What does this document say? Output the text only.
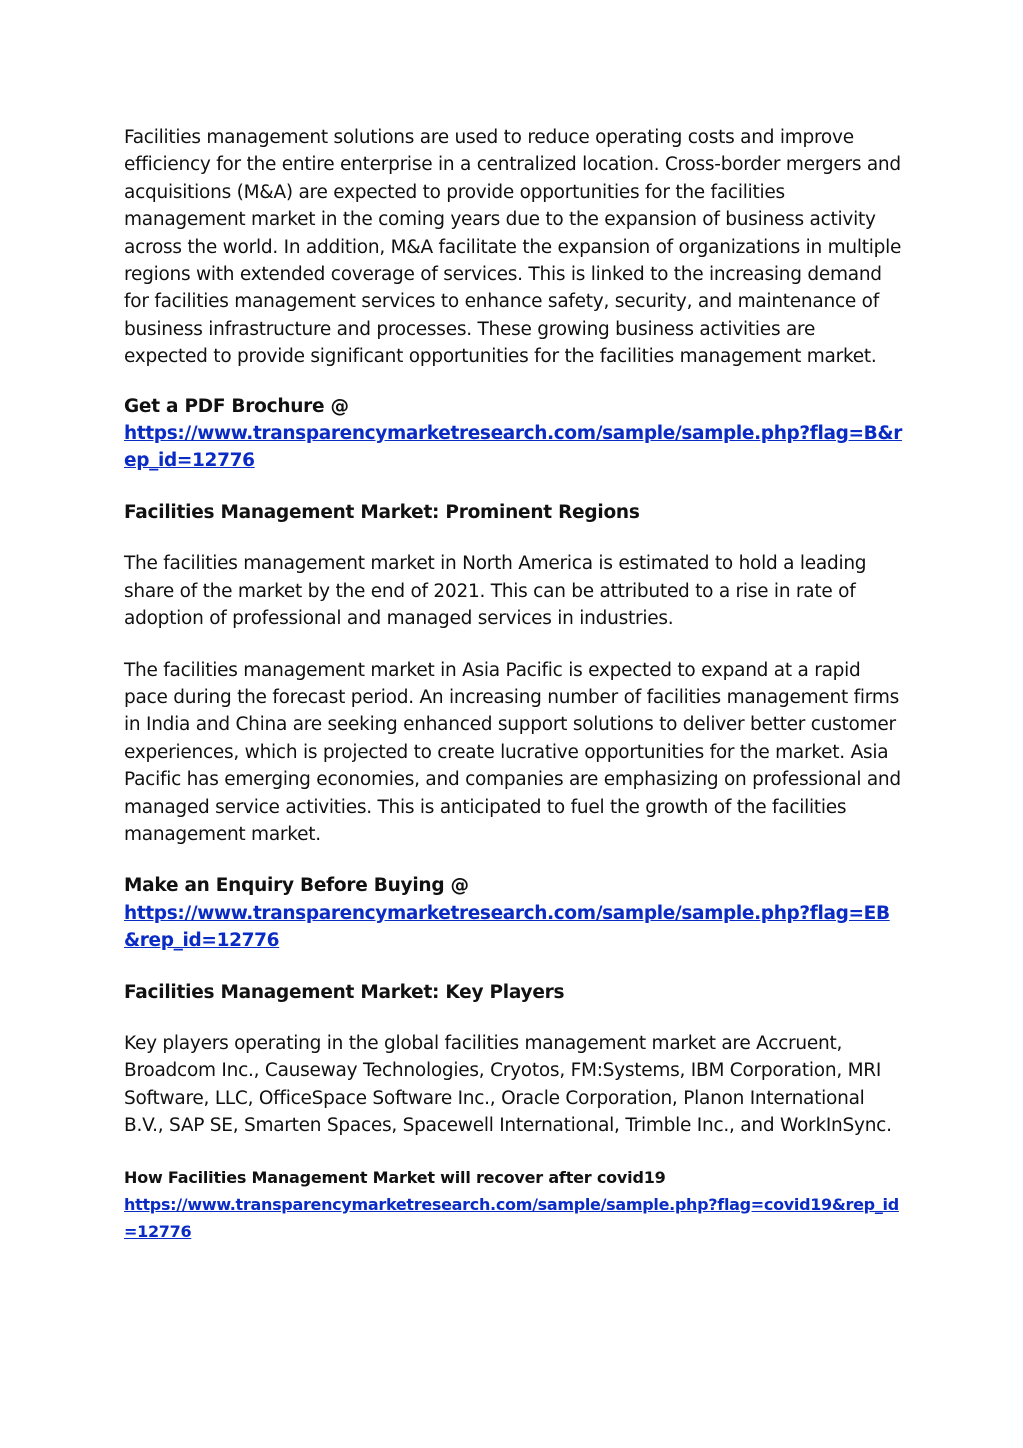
Facilities management solutions are used to reduce operating costs and improve efficiency for the entire enterprise in a centralized location. Cross-border mergers and acquisitions (M&A) are expected to provide opportunities for the facilities management market in the coming years due to the expansion of business activity across the world. In addition, M&A facilitate the expansion of organizations in multiple regions with extended coverage of services. This is linked to the increasing demand for facilities management services to enhance safety, security, and maintenance of business infrastructure and processes. These growing business activities are expected to provide significant opportunities for the facilities management market.

Get a PDF Brochure @

https://www.transparencymarketresearch.com/sample/sample.php?flag=B&rep_id=12776

Facilities Management Market: Prominent Regions

The facilities management market in North America is estimated to hold a leading share of the market by the end of 2021. This can be attributed to a rise in rate of adoption of professional and managed services in industries.

The facilities management market in Asia Pacific is expected to expand at a rapid pace during the forecast period. An increasing number of facilities management firms in India and China are seeking enhanced support solutions to deliver better customer experiences, which is projected to create lucrative opportunities for the market. Asia Pacific has emerging economies, and companies are emphasizing on professional and managed service activities. This is anticipated to fuel the growth of the facilities management market.

Make an Enquiry Before Buying @

https://www.transparencymarketresearch.com/sample/sample.php?flag=EB&rep_id=12776

Facilities Management Market: Key Players

Key players operating in the global facilities management market are Accruent, Broadcom Inc., Causeway Technologies, Cryotos, FM:Systems, IBM Corporation, MRI Software, LLC, OfficeSpace Software Inc., Oracle Corporation, Planon International B.V., SAP SE, Smarten Spaces, Spacewell International, Trimble Inc., and WorkInSync.

How Facilities Management Market will recover after covid19

https://www.transparencymarketresearch.com/sample/sample.php?flag=covid19&rep_id=12776
